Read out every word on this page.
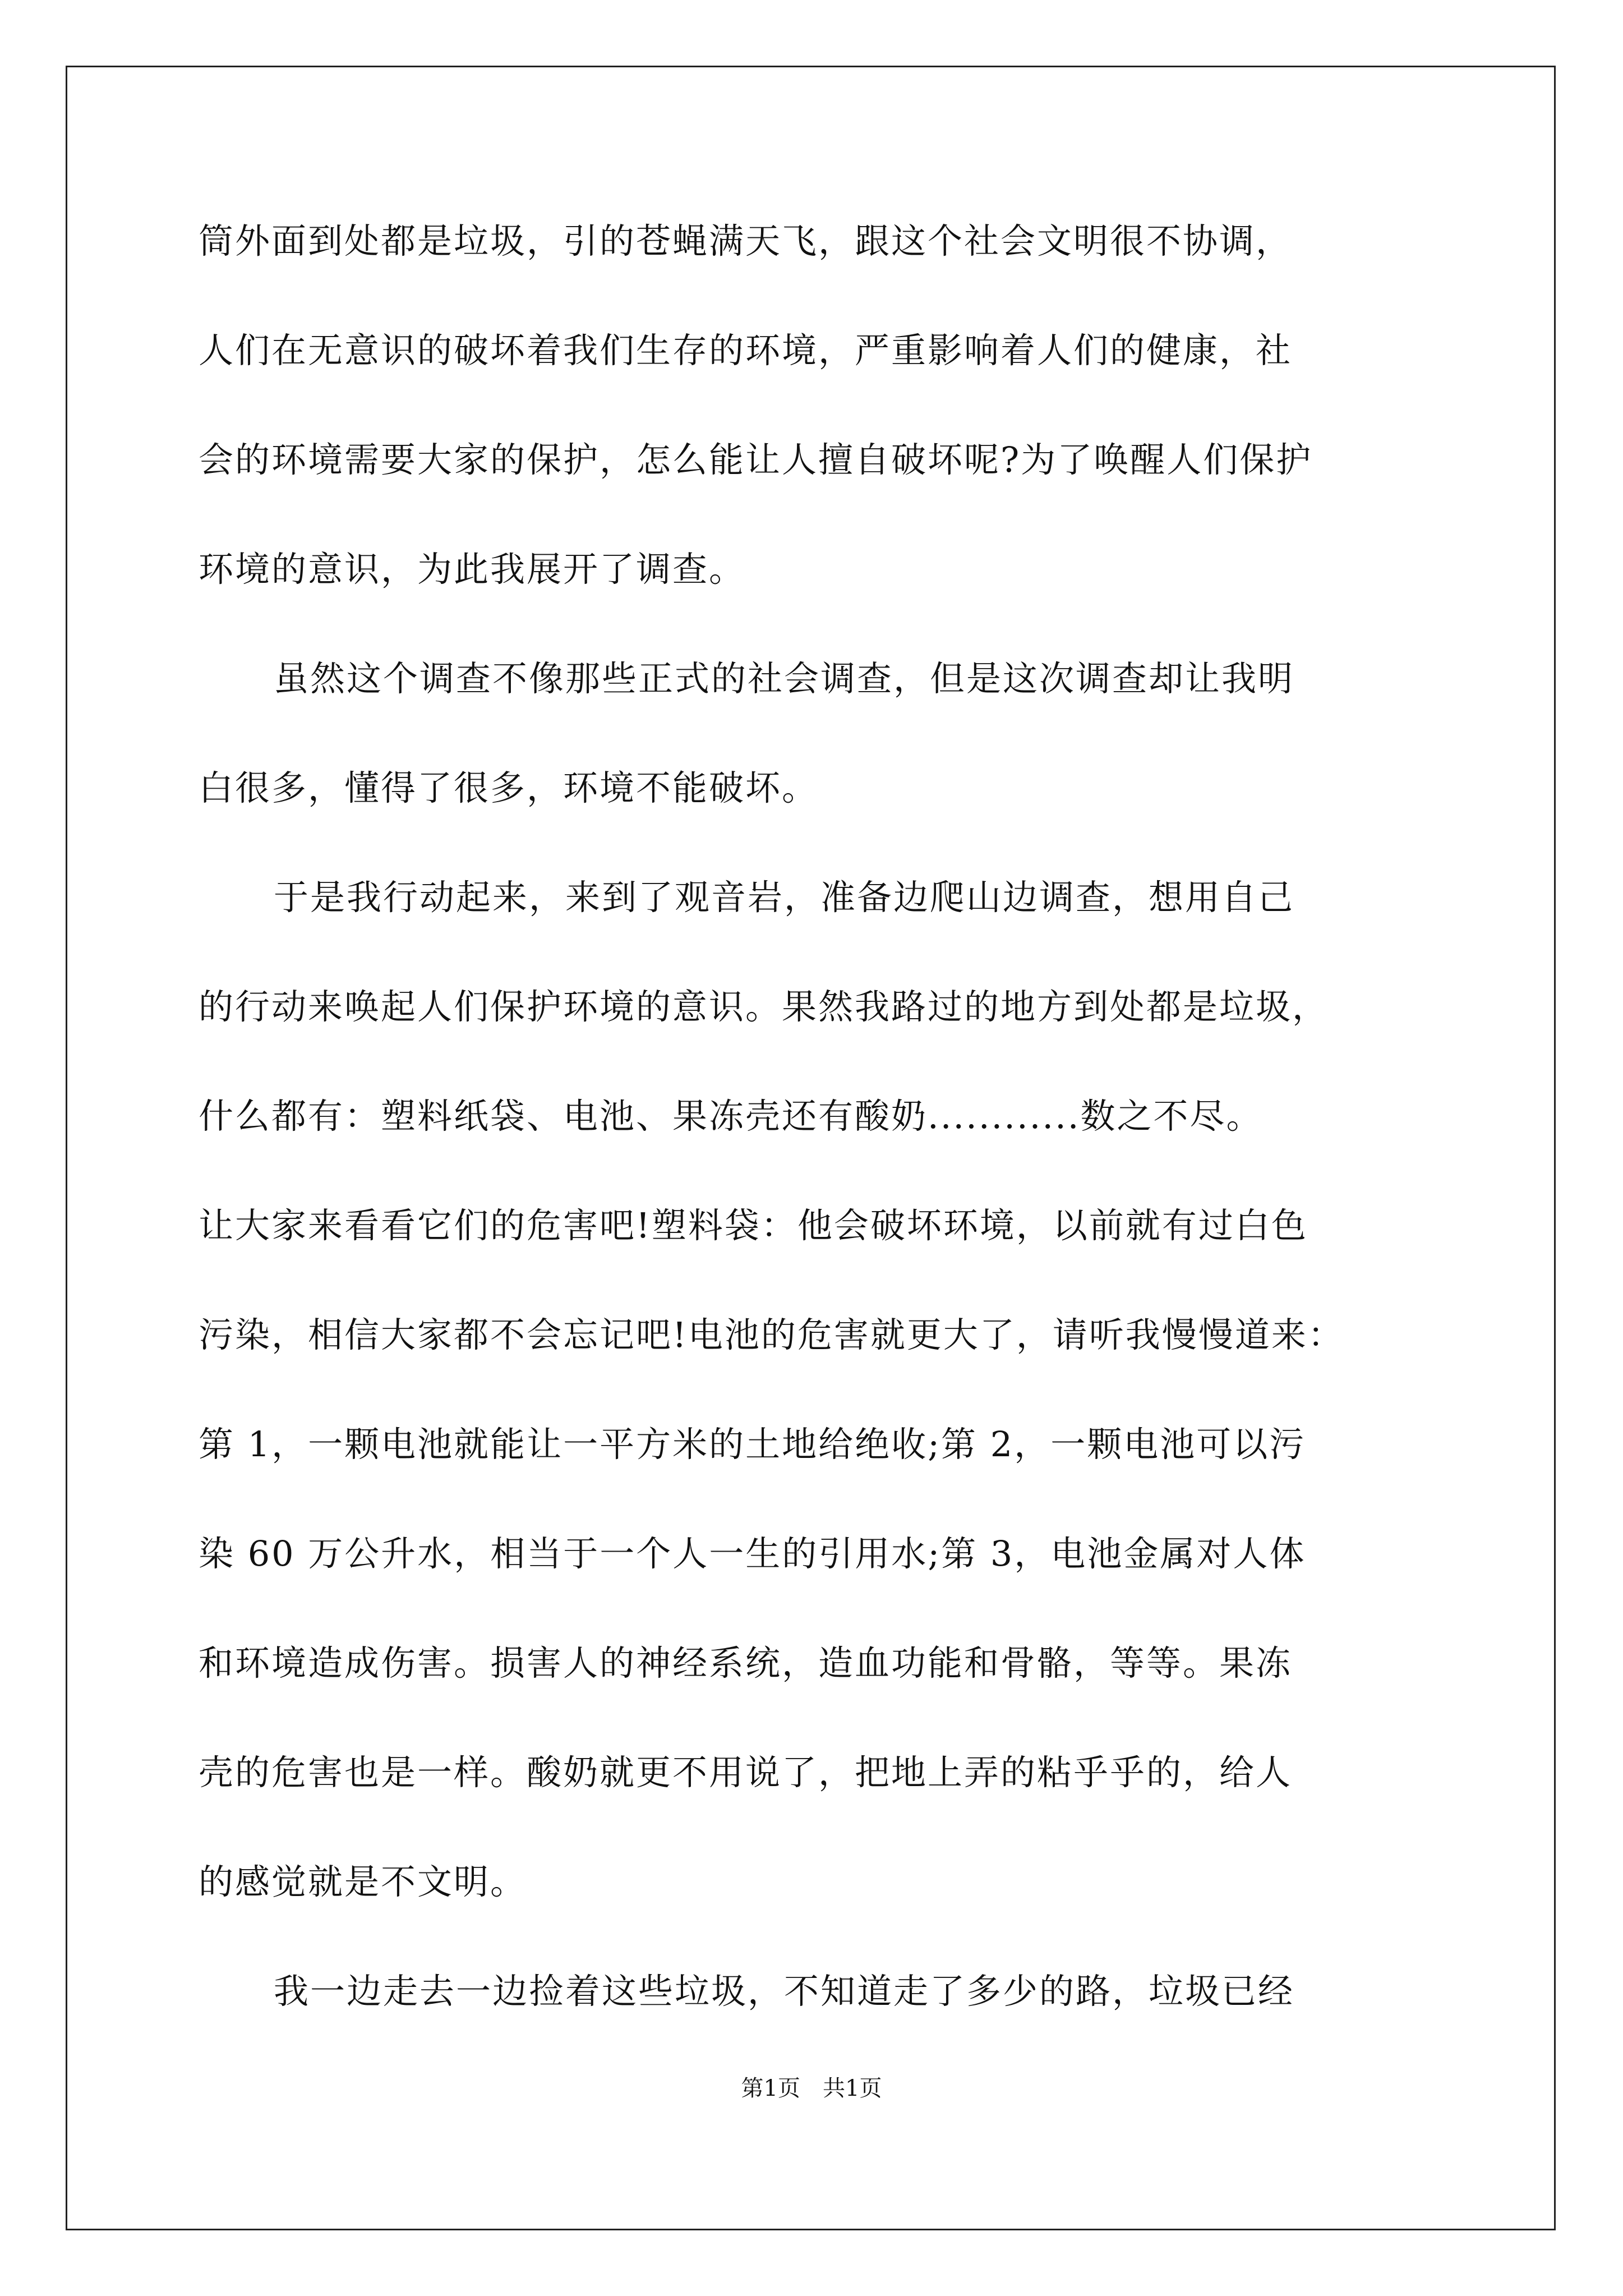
筒外面到处都是垃圾，引的苍蝇满天飞，跟这个社会文明很不协调，
人们在无意识的破坏着我们生存的环境，严重影响着人们的健康，社
会的环境需要大家的保护，怎么能让人擅自破坏呢?为了唤醒人们保护
环境的意识，为此我展开了调查。
虽然这个调查不像那些正式的社会调查，但是这次调查却让我明
白很多，懂得了很多，环境不能破坏。
于是我行动起来，来到了观音岩，准备边爬山边调查，想用自己
的行动来唤起人们保护环境的意识。果然我路过的地方到处都是垃圾，
什么都有：塑料纸袋、电池、果冻壳还有酸奶............数之不尽。
让大家来看看它们的危害吧!塑料袋：他会破坏环境，以前就有过白色
污染，相信大家都不会忘记吧!电池的危害就更大了，请听我慢慢道来：
第 1，一颗电池就能让一平方米的土地给绝收;第 2，一颗电池可以污
染 60 万公升水，相当于一个人一生的引用水;第 3，电池金属对人体
和环境造成伤害。损害人的神经系统，造血功能和骨骼，等等。果冻
壳的危害也是一样。酸奶就更不用说了，把地上弄的粘乎乎的，给人
的感觉就是不文明。
我一边走去一边捡着这些垃圾，不知道走了多少的路，垃圾已经
第1页 共1页
